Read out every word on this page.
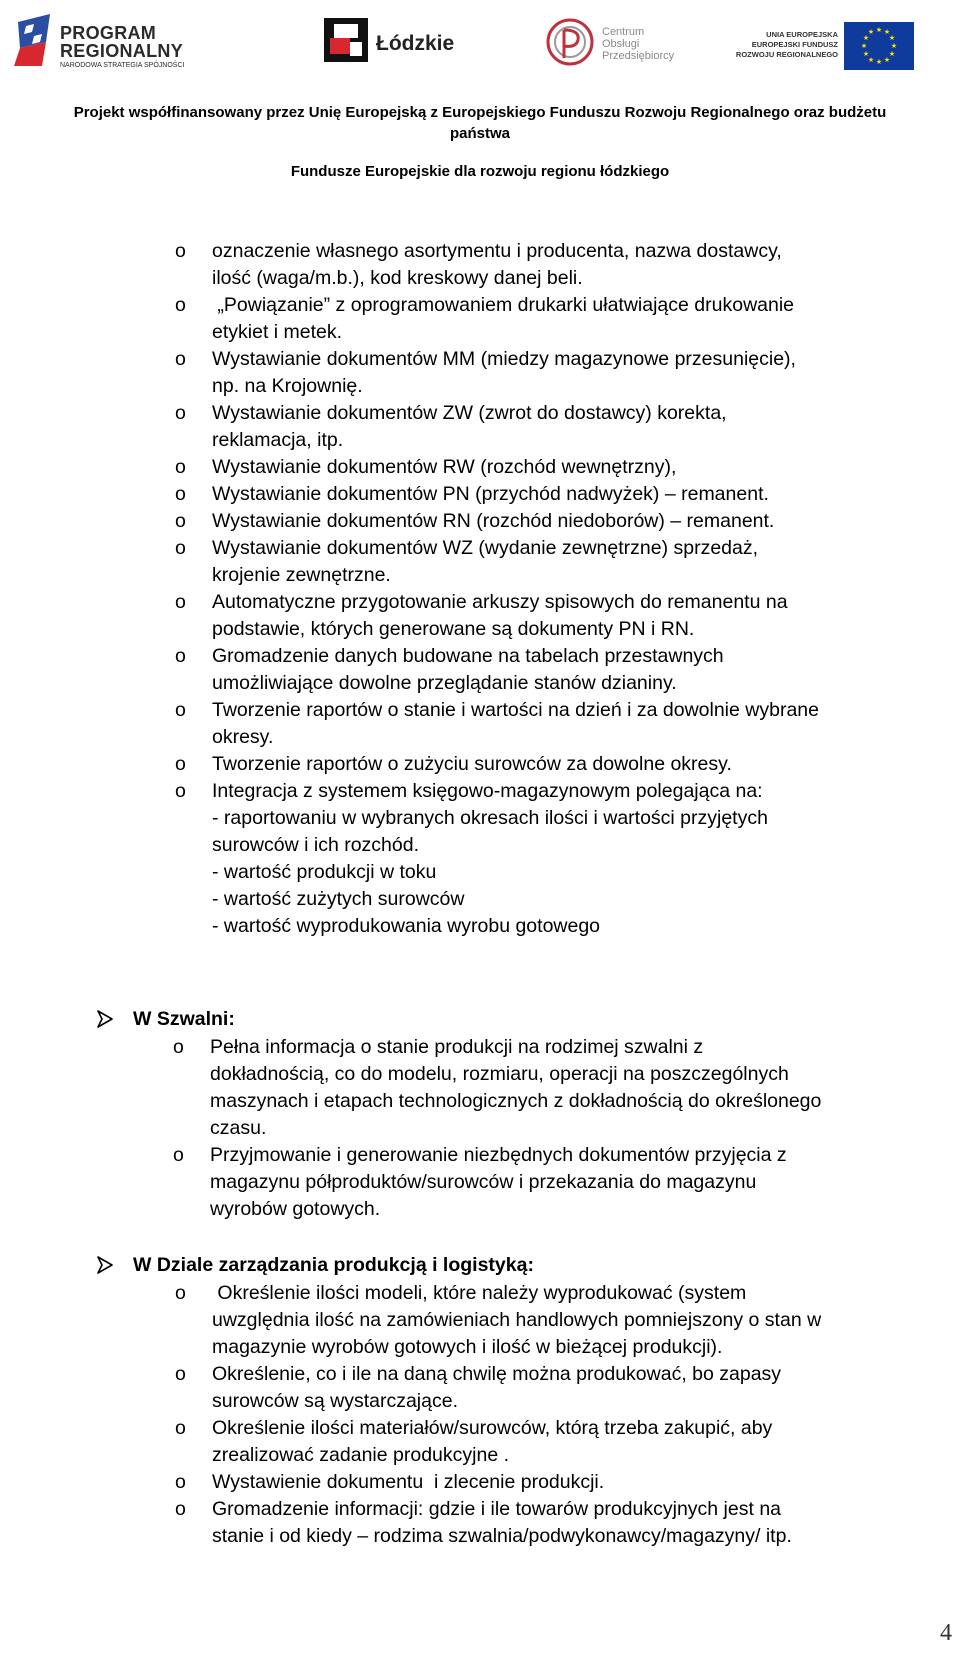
PROGRAM
REGIONALNY
NARODOWA STRATEGIA SPÓJNOŚCI
Łódzkie	Centrum
Obsługi
Przedsiębiorcy
UNIA EUROPEJSKA
EUROPEJSKI FUNDUSZ
ROZWOJU REGIONALNEGO
★ ★
★
★
★
★
★
★
★
★
★
★
Projekt współfinansowany przez Unię Europejską z Europejskiego Funduszu Rozwoju Regionalnego oraz budżetu
państwa
Fundusze Europejskie dla rozwoju regionu łódzkiego
o oznaczenie własnego asortymentu i producenta, nazwa dostawcy,
ilość (waga/m.b.), kod kreskowy danej beli.
o „Powiązanie” z oprogramowaniem drukarki ułatwiające drukowanie
etykiet i metek.
o Wystawianie dokumentów MM (miedzy magazynowe przesunięcie),
np. na Krojownię.
o Wystawianie dokumentów ZW (zwrot do dostawcy) korekta,
reklamacja, itp.
o Wystawianie dokumentów RW (rozchód wewnętrzny),
o Wystawianie dokumentów PN (przychód nadwyżek) – remanent.
o Wystawianie dokumentów RN (rozchód niedoborów) – remanent.
o Wystawianie dokumentów WZ (wydanie zewnętrzne) sprzedaż,
krojenie zewnętrzne.
o Automatyczne przygotowanie arkuszy spisowych do remanentu na
podstawie, których generowane są dokumenty PN i RN.
o Gromadzenie danych budowane na tabelach przestawnych
umożliwiające dowolne przeglądanie stanów dzianiny.
o Tworzenie raportów o stanie i wartości na dzień i za dowolnie wybrane
okresy.
o Tworzenie raportów o zużyciu surowców za dowolne okresy.
o Integracja z systemem księgowo-magazynowym polegająca na:
- raportowaniu w wybranych okresach ilości i wartości przyjętych
surowców i ich rozchód.
- wartość produkcji w toku
- wartość zużytych surowców
- wartość wyprodukowania wyrobu gotowego
W Szwalni:
o Pełna informacja o stanie produkcji na rodzimej szwalni z
dokładnością, co do modelu, rozmiaru, operacji na poszczególnych
maszynach i etapach technologicznych z dokładnością do określonego
czasu.
o Przyjmowanie i generowanie niezbędnych dokumentów przyjęcia z
magazynu półproduktów/surowców i przekazania do magazynu
wyrobów gotowych.
W Dziale zarządzania produkcją i logistyką:
o Określenie ilości modeli, które należy wyprodukować (system
uwzględnia ilość na zamówieniach handlowych pomniejszony o stan w
magazynie wyrobów gotowych i ilość w bieżącej produkcji).
o Określenie, co i ile na daną chwilę można produkować, bo zapasy
surowców są wystarczające.
o Określenie ilości materiałów/surowców, którą trzeba zakupić, aby
zrealizować zadanie produkcyjne .
o Wystawienie dokumentu  i zlecenie produkcji.
o Gromadzenie informacji: gdzie i ile towarów produkcyjnych jest na
stanie i od kiedy – rodzima szwalnia/podwykonawcy/magazyny/ itp.
4
